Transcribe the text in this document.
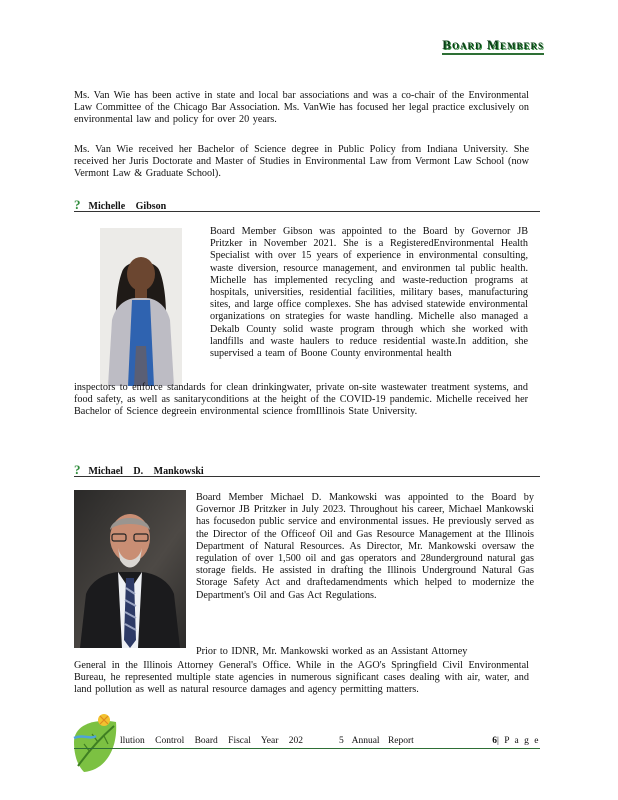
Board Members

Ms. Van Wie has been active in state and local bar associations and was a co-chair of the Environmental Law Committee of the Chicago Bar Association. Ms. VanWie has focused her legal practice exclusively on environmental law and policy for over 20 years.

Ms. Van Wie received her Bachelor of Science degree in Public Policy from Indiana University. She received her Juris Doctorate and Master of Studies in Environmental Law from Vermont Law School (now Vermont Law & Graduate School).

? Michelle Gibson

Board Member Gibson was appointed to the Board by Governor JB Pritzker in November 2021. She is a RegisteredEnvironmental Health Specialist with over 15 years of experience in environmental consulting, waste diversion, resource management, and environmen tal public health. Michelle has implemented recycling and waste-reduction programs at hospitals, universities, residential facilities, military bases, manufacturing sites, and large office complexes. She has advised statewide environmental organizations on strategies for waste handling. Michelle also managed a Dekalb County solid waste program through which she worked with landfills and waste haulers to reduce residential waste.In addition, she supervised a team of Boone County environmental health

inspectors to enforce standards for clean drinkingwater, private on-site wastewater treatment systems, and food safety, as well as sanitaryconditions at the height of the COVID-19 pandemic. Michelle received her Bachelor of Science degreein environmental science fromIllinois State University.

? Michael D. Mankowski

Board Member Michael D. Mankowski was appointed to the Board by Governor JB Pritzker in July 2023. Throughout his career, Michael Mankowski has focusedon public service and environmental issues. He previously served as the Director of the Officeof Oil and Gas Resource Management at the Illinois Department of Natural Resources. As Director, Mr. Mankowski oversaw the regulation of over 1,500 oil and gas operators and 28underground natural gas storage fields. He assisted in drafting the Illinois Underground Natural Gas Storage Safety Act and draftedamendments which helped to modernize the Department's Oil and Gas Act Regulations.

Prior to IDNR, Mr. Mankowski worked as an Assistant Attorney

General in the Illinois Attorney General's Office. While in the AGO's Springfield Civil Environmental Bureau, he represented multiple state agencies in numerous significant cases dealing with air, water, and land pollution as well as natural resource damages and agency permitting matters.

llution Control Board Fiscal Year 202	5 Annual Report	6| P a g e
